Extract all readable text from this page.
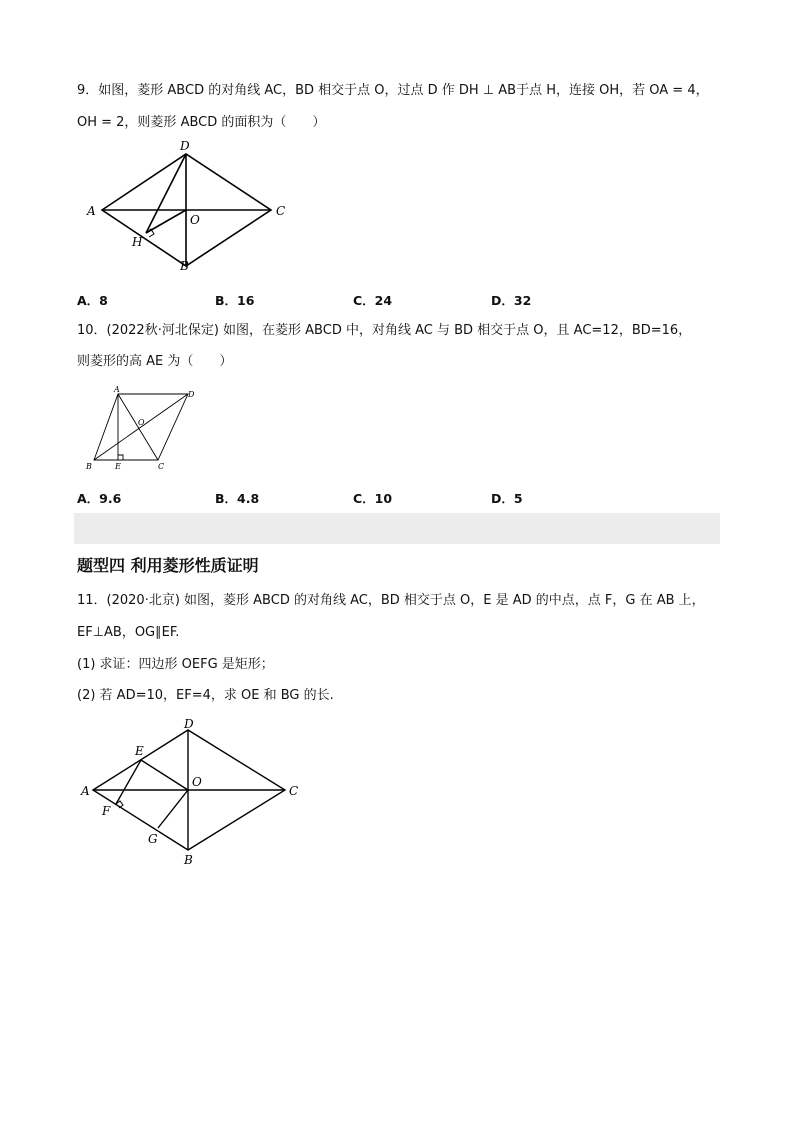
9．如图，菱形 ABCD 的对角线 AC，BD 相交于点 O，过点 D 作 DH ⊥ AB于点 H，连接 OH，若 OA = 4，
OH = 2，则菱形 ABCD 的面积为（　　）
D
A	C
O
H
B
A．8	B．16	C．24	D．32
10．(2022秋·河北保定) 如图，在菱形 ABCD 中，对角线 AC 与 BD 相交于点 O，且 AC=12，BD=16，
则菱形的高 AE 为（　　）
A
D
O
B	E	C
A．9.6	B．4.8	C．10	D．5
题型四 利用菱形性质证明
11．(2020·北京) 如图，菱形 ABCD 的对角线 AC，BD 相交于点 O，E 是 AD 的中点，点 F，G 在 AB 上，
EF⊥AB，OG∥EF.
(1) 求证：四边形 OEFG 是矩形；
(2) 若 AD=10，EF=4，求 OE 和 BG 的长.
D
E
A
O
C
F
G
B
